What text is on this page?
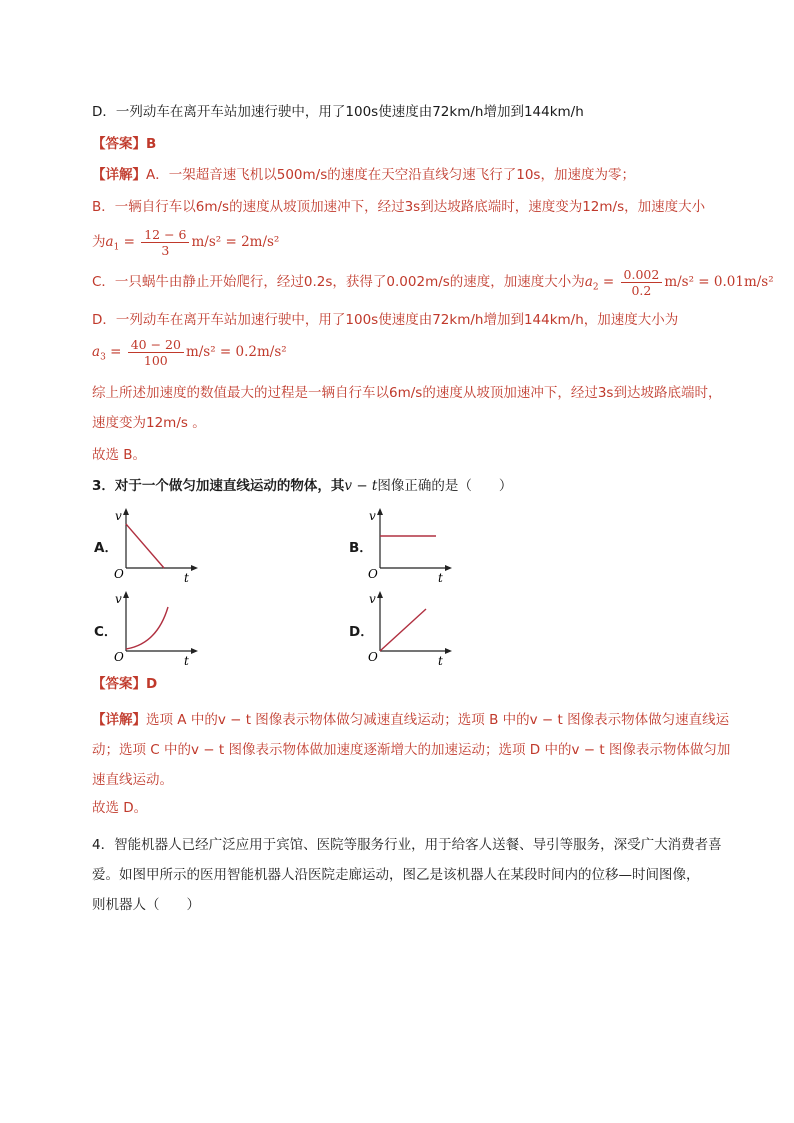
D．一列动车在离开车站加速行驶中，用了100s使速度由72km/h增加到144km/h
【答案】B
【详解】A．一架超音速飞机以500m/s的速度在天空沿直线匀速飞行了10s，加速度为零；
B．一辆自行车以6m/s的速度从坡顶加速冲下，经过3s到达坡路底端时，速度变为12m/s，加速度大小
为$a_1 = \frac{12 - 6}{3} m/s^2 = 2m/s^2$
C．一只蜗牛由静止开始爬行，经过0.2s，获得了0.002m/s的速度，加速度大小为$a_2 = \frac{0.002}{0.2} m/s^2 = 0.01m/s^2$
D．一列动车在离开车站加速行驶中，用了100s使速度由72km/h增加到144km/h，加速度大小为
$a_3 = \frac{40 - 20}{100} m/s^2 = 0.2m/s^2$
综上所述加速度的数值最大的过程是一辆自行车以6m/s的速度从坡顶加速冲下，经过3s到达坡路底端时，
速度变为12m/s 。
故选 B。
3．对于一个做匀加速直线运动的物体，其v − t图像正确的是（　　）
A．
v
O	t
B．
v
O	t
C．
v
O	t
D．
v
O	t
【答案】D
【详解】选项 A 中的v − t 图像表示物体做匀减速直线运动；选项 B 中的v − t 图像表示物体做匀速直线运
动；选项 C 中的v − t 图像表示物体做加速度逐渐增大的加速运动；选项 D 中的v − t 图像表示物体做匀加
速直线运动。
故选 D。
4．智能机器人已经广泛应用于宾馆、医院等服务行业，用于给客人送餐、导引等服务，深受广大消费者喜
爱。如图甲所示的医用智能机器人沿医院走廊运动，图乙是该机器人在某段时间内的位移—时间图像，
则机器人（　　）
